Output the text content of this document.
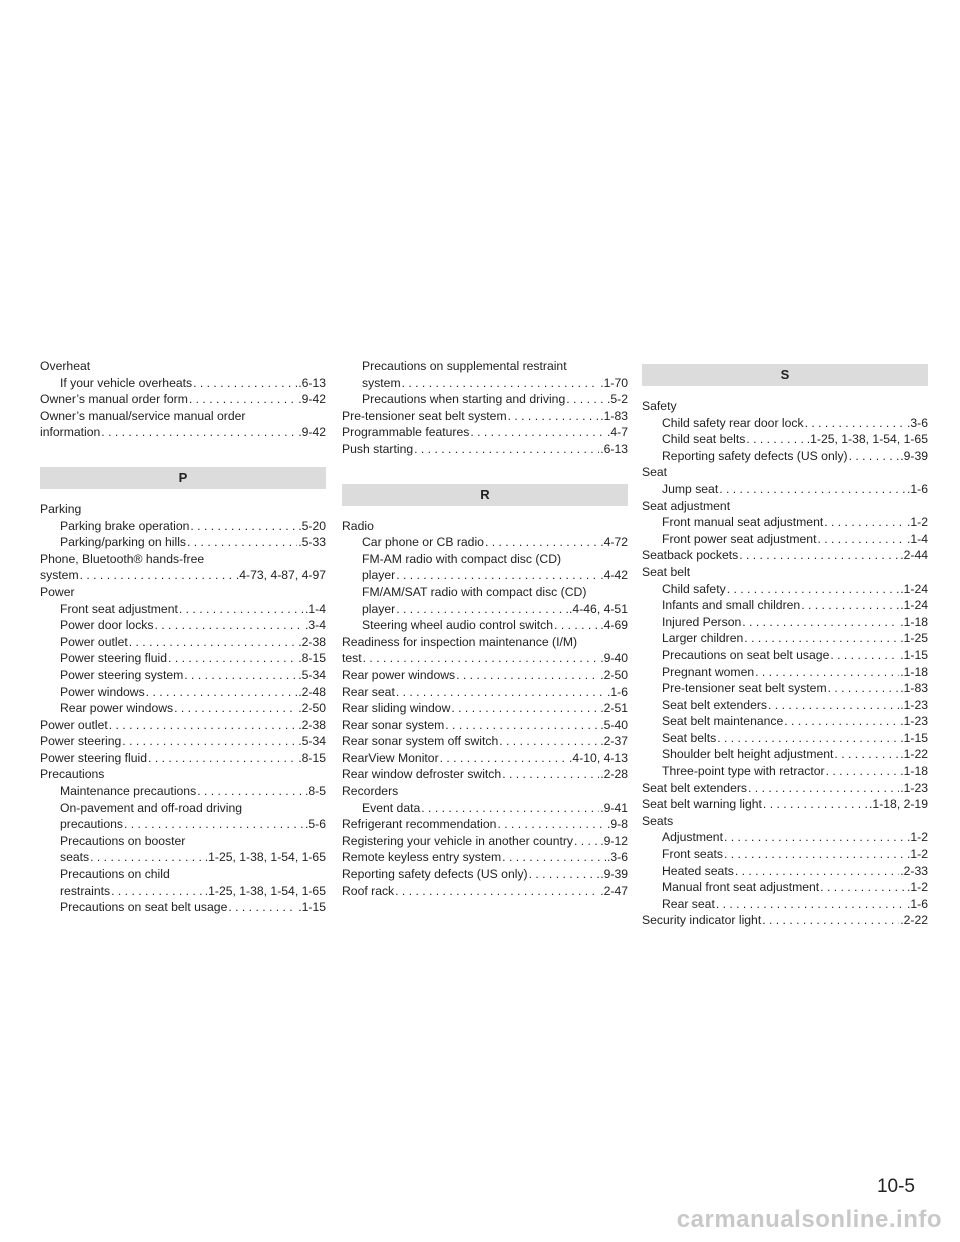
Overheat
If your vehicle overheats . . .	.6-13
Owner’s manual order form . . .	.9-42
Owner’s manual/service manual order
information . . .	.9-42
P
Parking
Parking brake operation . . .	.5-20
Parking/parking on hills . . .	.5-33
Phone, Bluetooth® hands-free
system . . .	.4-73, 4-87, 4-97
Power
Front seat adjustment . . .	.1-4
Power door locks . . .	.3-4
Power outlet . . .	.2-38
Power steering fluid . . .	.8-15
Power steering system . . .	.5-34
Power windows . . .	.2-48
Rear power windows . . .	.2-50
Power outlet . . .	.2-38
Power steering . . .	.5-34
Power steering fluid . . .	.8-15
Precautions
Maintenance precautions . . .	.8-5
On-pavement and off-road driving
precautions . . .	.5-6
Precautions on booster
seats . . .	.1-25, 1-38, 1-54, 1-65
Precautions on child
restraints . . .	.1-25, 1-38, 1-54, 1-65
Precautions on seat belt usage . . .	.1-15
Precautions on supplemental restraint
system . . .	.1-70
Precautions when starting and driving . . .	.5-2
Pre-tensioner seat belt system . . .	.1-83
Programmable features . . .	.4-7
Push starting . . .	.6-13
R
Radio
Car phone or CB radio . . .	.4-72
FM-AM radio with compact disc (CD)
player . . .	.4-42
FM/AM/SAT radio with compact disc (CD)
player . . .	.4-46, 4-51
Steering wheel audio control switch . . .	.4-69
Readiness for inspection maintenance (I/M)
test . . .	.9-40
Rear power windows . . .	.2-50
Rear seat . . .	.1-6
Rear sliding window . . .	.2-51
Rear sonar system . . .	.5-40
Rear sonar system off switch . . .	.2-37
RearView Monitor . . .	.4-10, 4-13
Rear window defroster switch . . .	.2-28
Recorders
Event data . . .	.9-41
Refrigerant recommendation . . .	.9-8
Registering your vehicle in another country . . . .9-12
Remote keyless entry system . . .	.3-6
Reporting safety defects (US only) . . .	.9-39
Roof rack . . .	.2-47
S
Safety
Child safety rear door lock . . .	.3-6
Child seat belts . . .	.1-25, 1-38, 1-54, 1-65
Reporting safety defects (US only) . . .	.9-39
Seat
Jump seat . . .	.1-6
Seat adjustment
Front manual seat adjustment . . .	.1-2
Front power seat adjustment . . .	.1-4
Seatback pockets . . .	.2-44
Seat belt
Child safety . . .	.1-24
Infants and small children . . .	.1-24
Injured Person . . .	.1-18
Larger children . . .	.1-25
Precautions on seat belt usage . . .	.1-15
Pregnant women . . .	.1-18
Pre-tensioner seat belt system . . .	.1-83
Seat belt extenders . . .	.1-23
Seat belt maintenance . . .	.1-23
Seat belts . . .	.1-15
Shoulder belt height adjustment . . .	.1-22
Three-point type with retractor . . .	.1-18
Seat belt extenders . . .	.1-23
Seat belt warning light . . .	.1-18, 2-19
Seats
Adjustment . . .	.1-2
Front seats . . .	.1-2
Heated seats . . .	.2-33
Manual front seat adjustment . . .	.1-2
Rear seat . . .	.1-6
Security indicator light . . .	.2-22
10-5
carmanualsonline.info
